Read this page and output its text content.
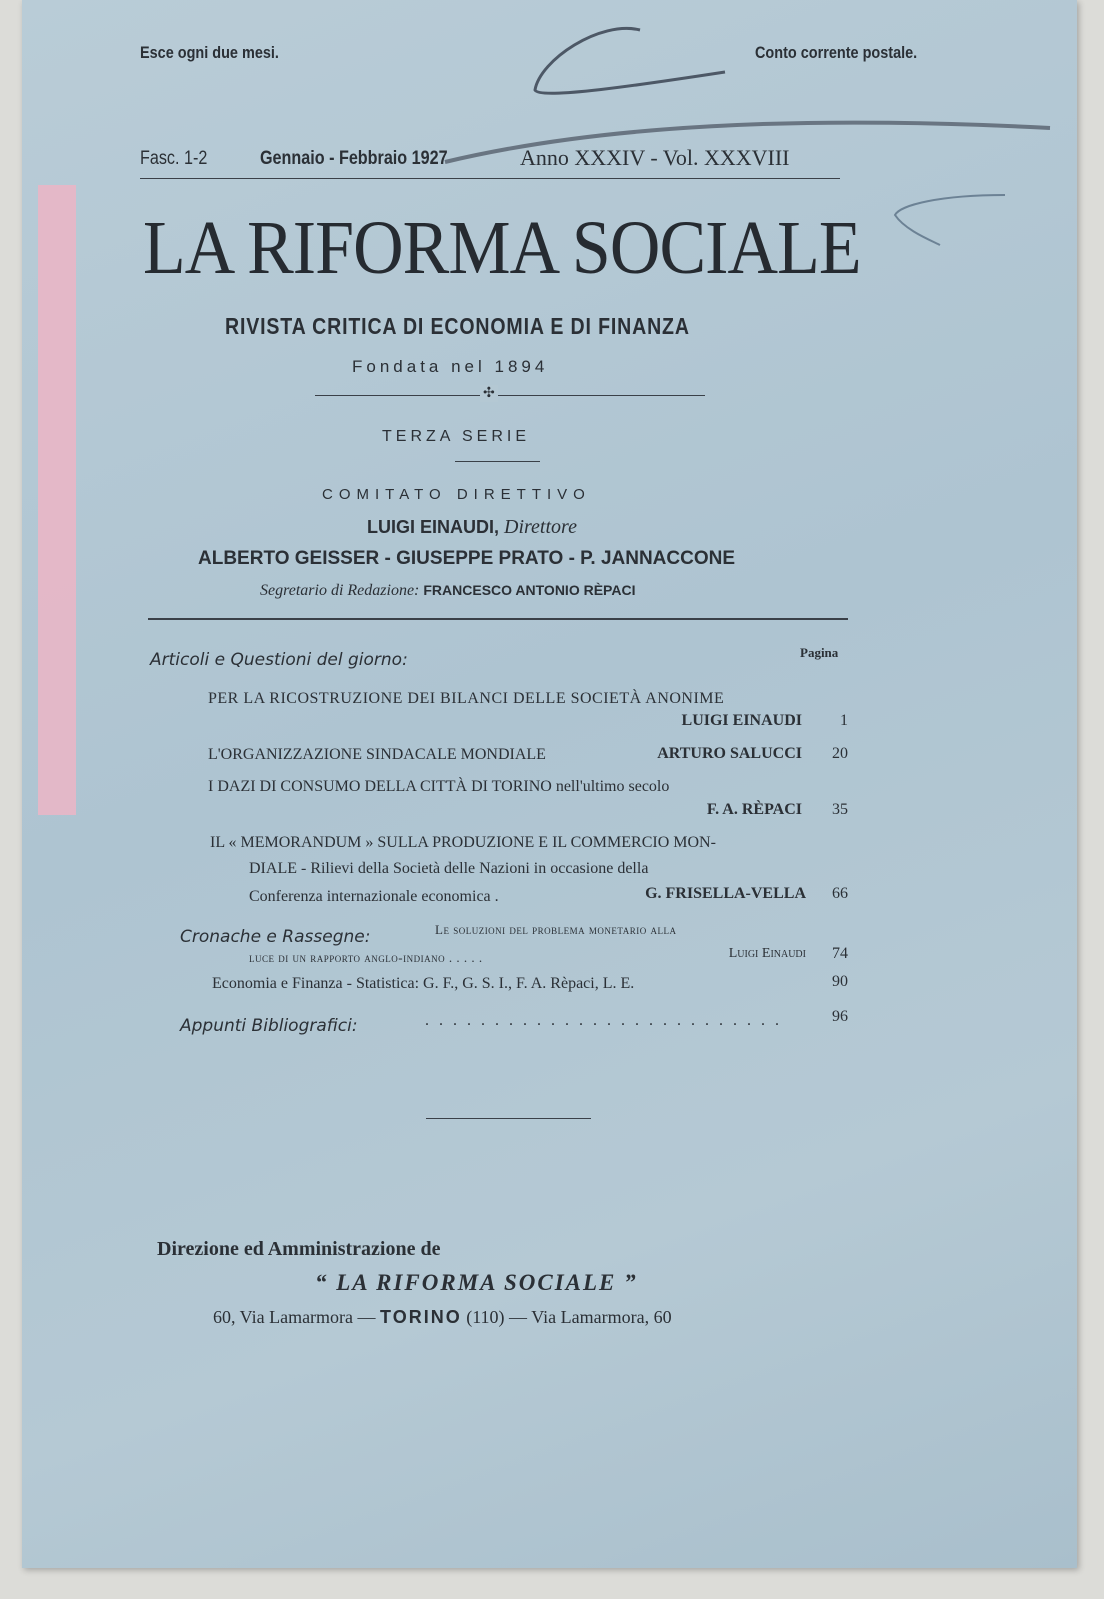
Esce ogni due mesi.	Conto corrente postale.
Fasc. 1-2	Gennaio - Febbraio 1927	Anno XXXIV - Vol. XXXVIII
LA RIFORMA SOCIALE
RIVISTA CRITICA DI ECONOMIA E DI FINANZA
Fondata nel 1894
✣
TERZA SERIE
COMITATO DIRETTIVO
LUIGI EINAUDI, Direttore
ALBERTO GEISSER - GIUSEPPE PRATO - P. JANNACCONE
Segretario di Redazione: FRANCESCO ANTONIO RÈPACI
Pagina
Articoli e Questioni del giorno:
PER LA RICOSTRUZIONE DEI BILANCI DELLE SOCIETÀ ANONIME
LUIGI EINAUDI 1
L'ORGANIZZAZIONE SINDACALE MONDIALE	ARTURO SALUCCI 20
I DAZI DI CONSUMO DELLA CITTÀ DI TORINO nell'ultimo secolo
F. A. RÈPACI 35
IL « MEMORANDUM » SULLA PRODUZIONE E IL COMMERCIO MON-
DIALE - Rilievi della Società delle Nazioni in occasione della
Conferenza internazionale economica .	G. FRISELLA-VELLA 66
Cronache e Rassegne:	Le soluzioni del problema monetario alla
luce di un rapporto anglo-indiano . . . . .	Luigi Einaudi 74
Economia e Finanza - Statistica: G. F., G. S. I., F. A. Rèpaci, L. E.	90
Appunti Bibliografici:	. . . . . . . . . . . . . . . . . . . . . . . . . .	96
Direzione ed Amministrazione de
“ LA RIFORMA SOCIALE ”
60, Via Lamarmora — TORINO (110) — Via Lamarmora, 60
